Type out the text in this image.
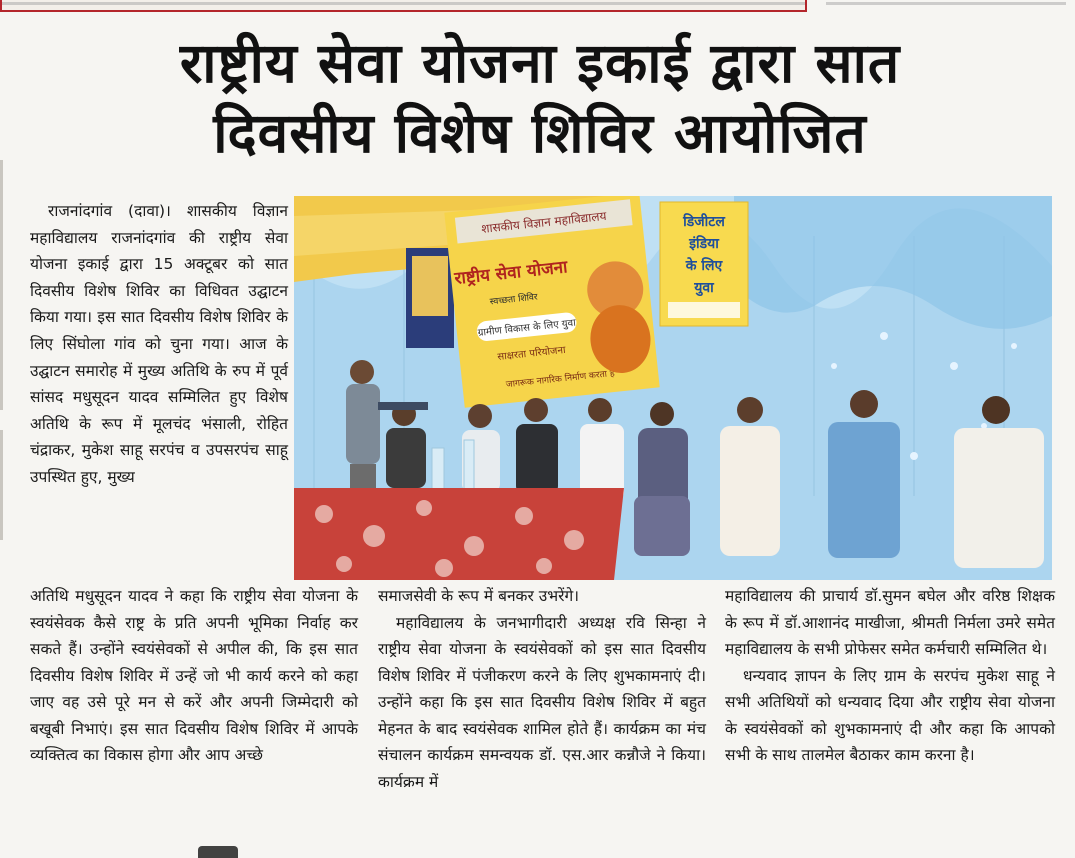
राष्ट्रीय सेवा योजना इकाई द्वारा सात
दिवसीय विशेष शिविर आयोजित

राजनांदगांव (दावा)। शासकीय विज्ञान महाविद्यालय राजनांदगांव की राष्ट्रीय सेवा योजना इकाई द्वारा 15 अक्टूबर को सात दिवसीय विशेष शिविर का विधिवत उद्घाटन किया गया। इस सात दिवसीय विशेष शिविर के लिए सिंघोला गांव को चुना गया। आज के उद्घाटन समारोह में मुख्य अतिथि के रुप में पूर्व सांसद मधुसूदन यादव सम्मिलित हुए विशेष अतिथि के रूप में मूलचंद भंसाली, रोहित चंद्राकर, मुकेश साहू सरपंच व उपसरपंच साहू उपस्थित हुए, मुख्य

शासकीय विज्ञान महाविद्यालय
राष्ट्रीय सेवा योजना
स्वच्छता शिविर
ग्रामीण विकास के लिए युवा
साक्षरता परियोजना
जागरूक नागरिक निर्माण करता है
डिजीटल
इंडिया
के लिए
युवा

अतिथि मधुसूदन यादव ने कहा कि राष्ट्रीय सेवा योजना के स्वयंसेवक कैसे राष्ट्र के प्रति अपनी भूमिका निर्वाह कर सकते हैं। उन्होंने स्वयंसेवकों से अपील की, कि इस सात दिवसीय विशेष शिविर में उन्हें जो भी कार्य करने को कहा जाए वह उसे पूरे मन से करें और अपनी जिम्मेदारी को बखूबी निभाएं। इस सात दिवसीय विशेष शिविर में आपके व्यक्तित्व का विकास होगा और आप अच्छे

समाजसेवी के रूप में बनकर उभरेंगे।

महाविद्यालय के जनभागीदारी अध्यक्ष रवि सिन्हा ने राष्ट्रीय सेवा योजना के स्वयंसेवकों को इस सात दिवसीय विशेष शिविर में पंजीकरण करने के लिए शुभकामनाएं दी। उन्होंने कहा कि इस सात दिवसीय विशेष शिविर में बहुत मेहनत के बाद स्वयंसेवक शामिल होते हैं। कार्यक्रम का मंच संचालन कार्यक्रम समन्वयक डॉ. एस.आर कन्नौजे ने किया। कार्यक्रम में

महाविद्यालय की प्राचार्य डॉ.सुमन बघेल और वरिष्ठ शिक्षक के रूप में डॉ.आशानंद माखीजा, श्रीमती निर्मला उमरे समेत महाविद्यालय के सभी प्रोफेसर समेत कर्मचारी सम्मिलित थे।

धन्यवाद ज्ञापन के लिए ग्राम के सरपंच मुकेश साहू ने सभी अतिथियों को धन्यवाद दिया और राष्ट्रीय सेवा योजना के स्वयंसेवकों को शुभकामनाएं दी और कहा कि आपको सभी के साथ तालमेल बैठाकर काम करना है।
